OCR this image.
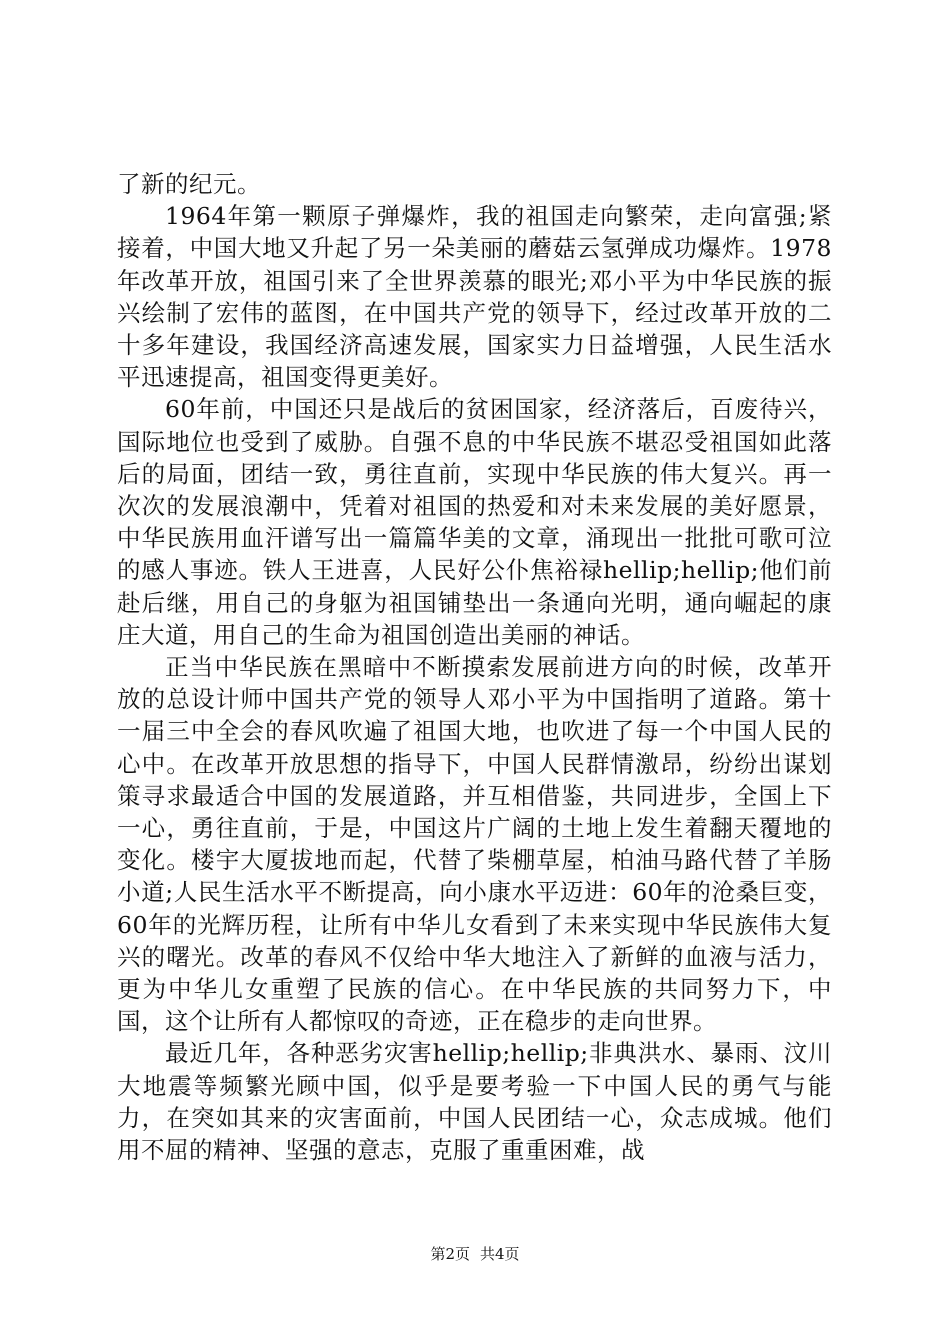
了新的纪元。

1964年第一颗原子弹爆炸，我的祖国走向繁荣，走向富强;紧接着，中国大地又升起了另一朵美丽的蘑菇云氢弹成功爆炸。1978年改革开放，祖国引来了全世界羡慕的眼光;邓小平为中华民族的振兴绘制了宏伟的蓝图，在中国共产党的领导下，经过改革开放的二十多年建设，我国经济高速发展，国家实力日益增强，人民生活水平迅速提高，祖国变得更美好。

60年前，中国还只是战后的贫困国家，经济落后，百废待兴，国际地位也受到了威胁。自强不息的中华民族不堪忍受祖国如此落后的局面，团结一致，勇往直前，实现中华民族的伟大复兴。再一次次的发展浪潮中，凭着对祖国的热爱和对未来发展的美好愿景，中华民族用血汗谱写出一篇篇华美的文章，涌现出一批批可歌可泣的感人事迹。铁人王进喜，人民好公仆焦裕禄hellip;hellip;他们前赴后继，用自己的身躯为祖国铺垫出一条通向光明，通向崛起的康庄大道，用自己的生命为祖国创造出美丽的神话。

正当中华民族在黑暗中不断摸索发展前进方向的时候，改革开放的总设计师中国共产党的领导人邓小平为中国指明了道路。第十一届三中全会的春风吹遍了祖国大地，也吹进了每一个中国人民的心中。在改革开放思想的指导下，中国人民群情激昂，纷纷出谋划策寻求最适合中国的发展道路，并互相借鉴，共同进步，全国上下一心，勇往直前，于是，中国这片广阔的土地上发生着翻天覆地的变化。楼宇大厦拔地而起，代替了柴棚草屋，柏油马路代替了羊肠小道;人民生活水平不断提高，向小康水平迈进：60年的沧桑巨变，60年的光辉历程，让所有中华儿女看到了未来实现中华民族伟大复兴的曙光。改革的春风不仅给中华大地注入了新鲜的血液与活力，更为中华儿女重塑了民族的信心。在中华民族的共同努力下，中国，这个让所有人都惊叹的奇迹，正在稳步的走向世界。

最近几年，各种恶劣灾害hellip;hellip;非典洪水、暴雨、汶川大地震等频繁光顾中国，似乎是要考验一下中国人民的勇气与能力，在突如其来的灾害面前，中国人民团结一心，众志成城。他们用不屈的精神、坚强的意志，克服了重重困难，战

第2页 共4页
